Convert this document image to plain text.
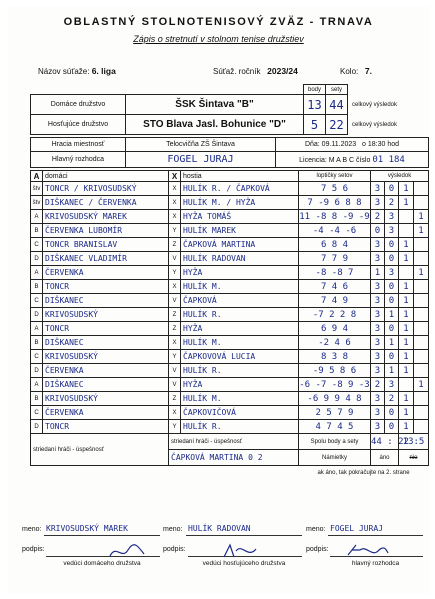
OBLASTNÝ STOLNOTENISOVÝ ZVÄZ - TRNAVA
Zápis o stretnutí v stolnom tenise družstiev
Názov súťaže: 6. liga	Súťaž. ročník 2023/24	Kolo: 7.
		body	sety	
Domáce družstvo	ŠSK Šintava "B"	13	44	celkový výsledok
Hosťujúce družstvo	STO Blava Jasl. Bohunice "D"	5	22	celkový výsledok
Hracia miestnosť	Telocvičňa ZŠ Šintava	Dňa: 09.11.2023 o 18:30 hod
Hlavný rozhodca	FOGEL JURAJ	Licencia: M A B C číslo 01 184
A	domáci	X	hostia	loptičky setov	výsledok			
štv	TONCR / KRIVOSUDSKÝ	X	HULÍK R. / ČAPKOVÁ	7 5 6	3	0	1	
štv	DIŠKANEC / ČERVENKA	X	HULÍK M. / HYŽA	7 -9 6 8 8	3	2	1	
A	KRIVOSUDSKÝ MAREK	X	HYŽA TOMÁŠ	11 -8 8 -9 -9	2	3		1
B	ČERVENKA LUBOMÍR	Y	HULÍK MAREK	-4 -4 -6	0	3		1
C	TONCR BRANISLAV	Z	ČAPKOVÁ MARTINA	6 8 4	3	0	1	
D	DIŠKANEC VLADIMÍR	V	HULÍK RADOVAN	7 7 9	3	0	1	
A	ČERVENKA	Y	HYŽA	-8 -8 7	1	3		1
B	TONCR	X	HULÍK M.	7 4 6	3	0	1	
C	DIŠKANEC	V	ČAPKOVÁ	7 4 9	3	0	1	
D	KRIVOSUDSKÝ	Z	HULÍK R.	-7 2 2 8	3	1	1	
A	TONCR	Z	HYŽA	6 9 4	3	0	1	
B	DIŠKANEC	X	HULÍK M.	-2 4 6	3	1	1	
C	KRIVOSUDSKÝ	Y	ČAPKOVOVÁ LUCIA	8 3 8	3	0	1	
D	ČERVENKA	V	HULÍK R.	-9 5 8 6	3	1	1	
A	DIŠKANEC	V	HYŽA	-6 -7 -8 9 -3	2	3		1
B	KRIVOSUDSKÝ	Z	HULÍK M.	-6 9 9 4 8	3	2	1	
C	ČERVENKA	X	ČAPKOVIČOVÁ	2 5 7 9	3	0	1	
D	TONCR	Y	HULÍK R.	4 7 4 5	3	0	1	
striedaní hráči - úspešnosť	striedaní hráči - úspešnosť	Spolu body a sety	44 : 22	13:5
	ČAPKOVÁ MARTINA 0 2	Námietky	áno	nie
		ak áno, tak pokračujte na 2. strane		
meno: KRIVOSUDSKÝ MAREK
podpis:
vedúci domáceho družstva
meno: HULÍK RADOVAN
podpis:
vedúci hosťujúceho družstva
meno: FOGEL JURAJ
podpis:
hlavný rozhodca
